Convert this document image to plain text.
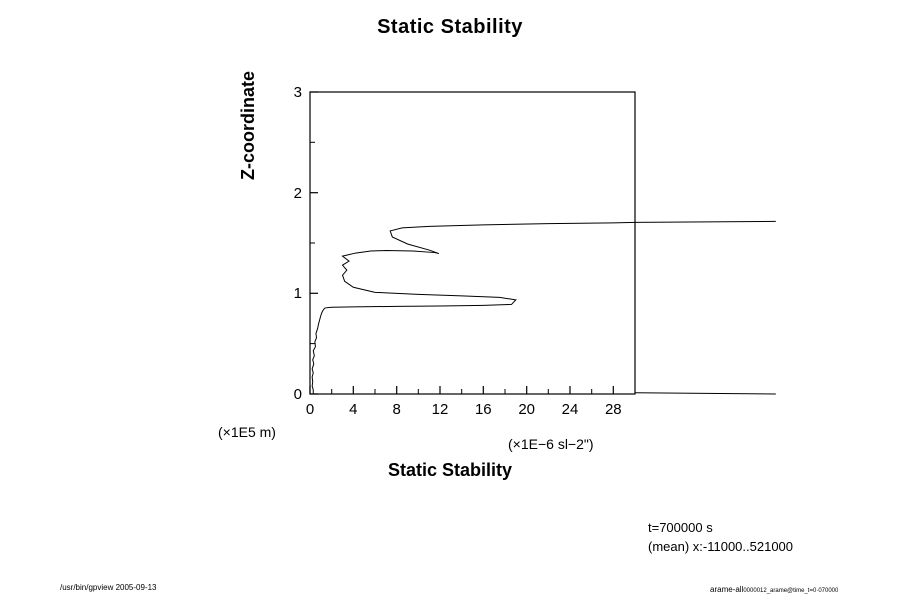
Static Stability
0
1
2
3
0 4 8 12 16 20 24 28
Z-coordinate
(×1E5 m)
(×1E−6 sl−2")
Static Stability
t=700000 s
(mean) x:-11000..521000
/usr/bin/gpview 2005-09-13	arame-all0000012_arame@time_t=0·070000
